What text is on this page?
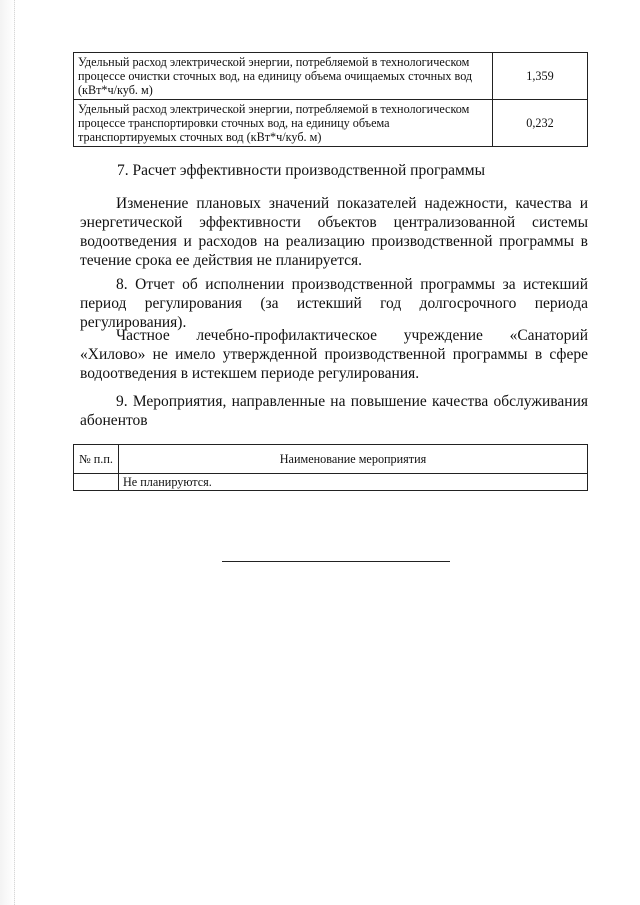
Удельный расход электрической энергии, потребляемой в технологическом процессе очистки сточных вод, на единицу объема очищаемых сточных вод (кВт*ч/куб. м)	1,359
Удельный расход электрической энергии, потребляемой в технологическом процессе транспортировки сточных вод, на единицу объема транспортируемых сточных вод (кВт*ч/куб. м)	0,232
7. Расчет эффективности производственной программы
Изменение плановых значений показателей надежности, качества и энергетической эффективности объектов централизованной системы водоотведения и расходов на реализацию производственной программы в течение срока ее действия не планируется.
8. Отчет об исполнении производственной программы за истекший период регулирования (за истекший год долгосрочного периода регулирования).
Частное лечебно-профилактическое учреждение «Санаторий «Хилово» не имело утвержденной производственной программы в сфере водоотведения в истекшем периоде регулирования.
9. Мероприятия, направленные на повышение качества обслуживания абонентов
№ п.п.	Наименование мероприятия
	Не планируются.
